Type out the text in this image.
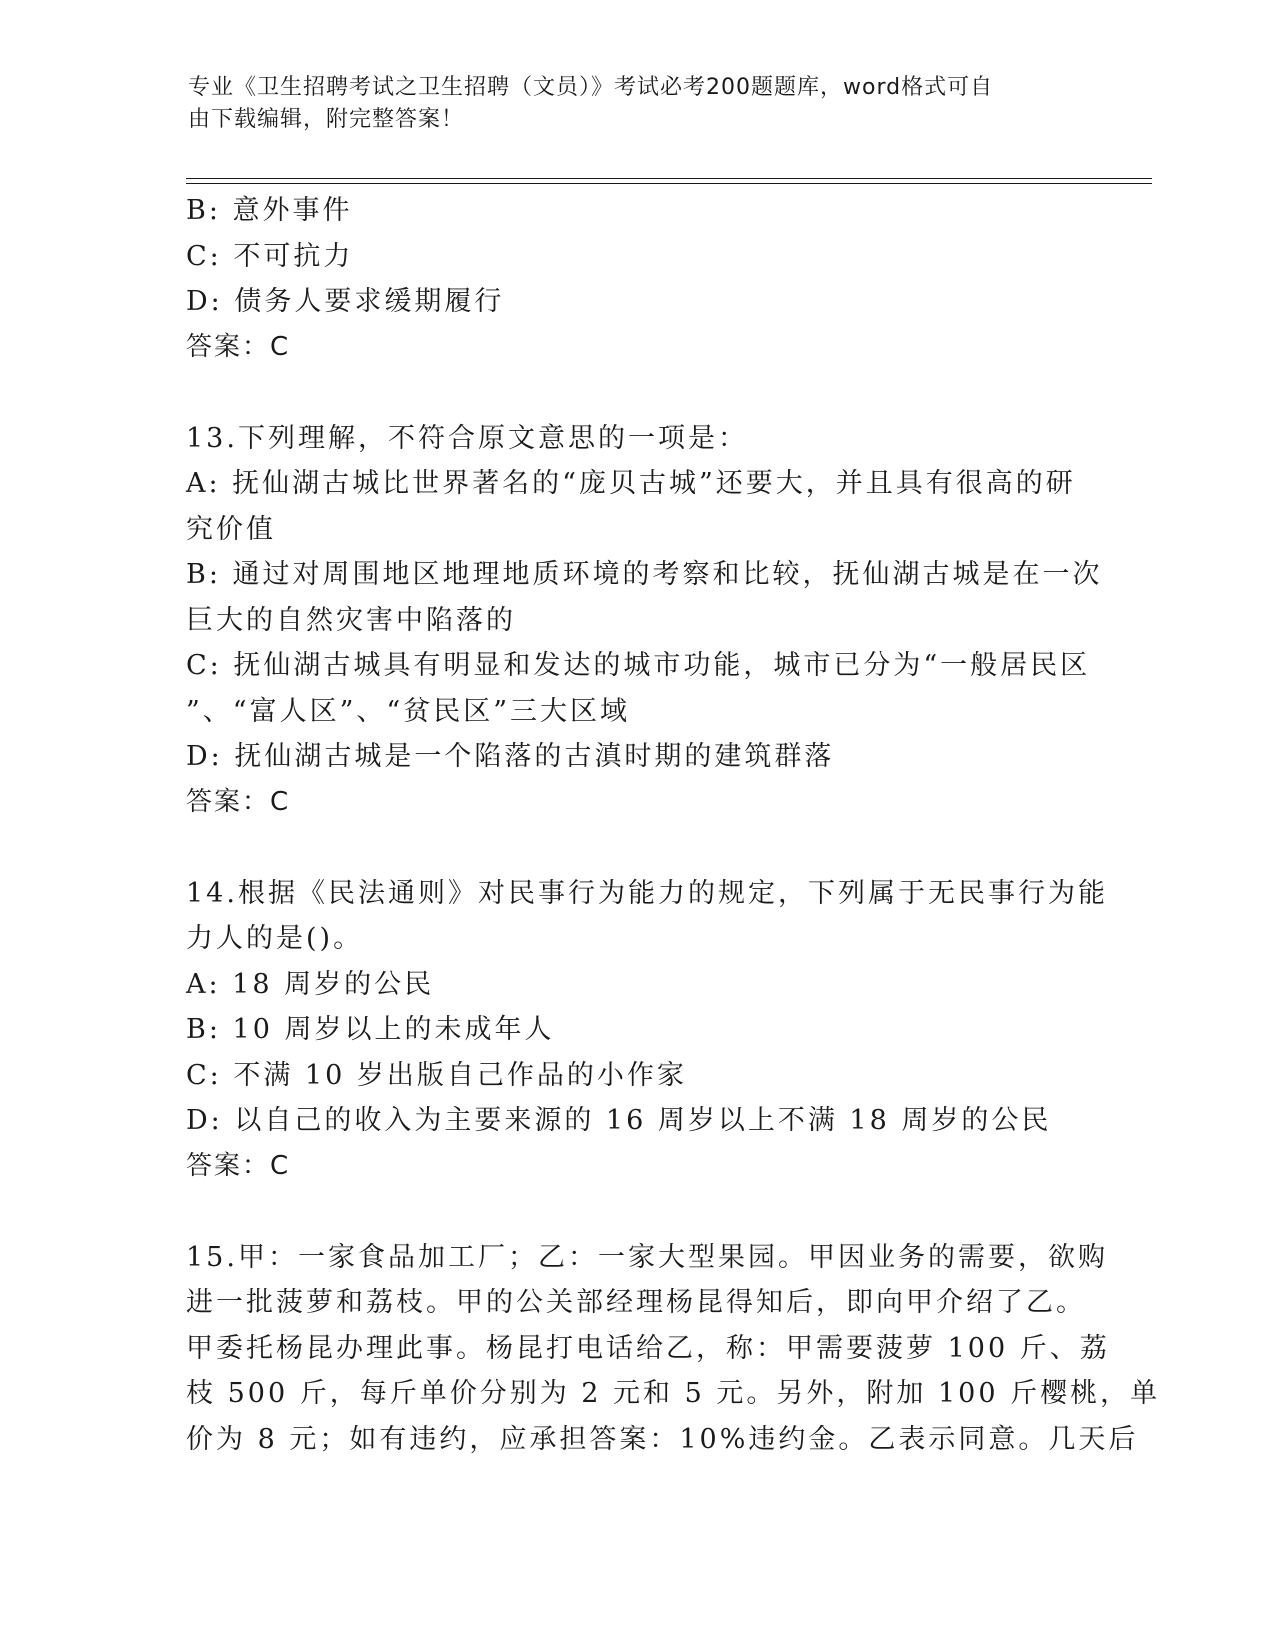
专业《卫生招聘考试之卫生招聘（文员）》考试必考200题题库，word格式可自
由下载编辑，附完整答案！
B: 意外事件
C: 不可抗力
D: 债务人要求缓期履行
答案：C
13.下列理解，不符合原文意思的一项是：
A: 抚仙湖古城比世界著名的“庞贝古城”还要大，并且具有很高的研
究价值
B: 通过对周围地区地理地质环境的考察和比较，抚仙湖古城是在一次
巨大的自然灾害中陷落的
C: 抚仙湖古城具有明显和发达的城市功能，城市已分为“一般居民区
”、“富人区”、“贫民区”三大区域
D: 抚仙湖古城是一个陷落的古滇时期的建筑群落
答案：C
14.根据《民法通则》对民事行为能力的规定，下列属于无民事行为能
力人的是()。
A: 18 周岁的公民
B: 10 周岁以上的未成年人
C: 不满 10 岁出版自己作品的小作家
D: 以自己的收入为主要来源的 16 周岁以上不满 18 周岁的公民
答案：C
15.甲：一家食品加工厂；乙：一家大型果园。甲因业务的需要，欲购
进一批菠萝和荔枝。甲的公关部经理杨昆得知后，即向甲介绍了乙。
甲委托杨昆办理此事。杨昆打电话给乙，称：甲需要菠萝 100 斤、荔
枝 500 斤，每斤单价分别为 2 元和 5 元。另外，附加 100 斤樱桃，单
价为 8 元；如有违约，应承担答案：10%违约金。乙表示同意。几天后
